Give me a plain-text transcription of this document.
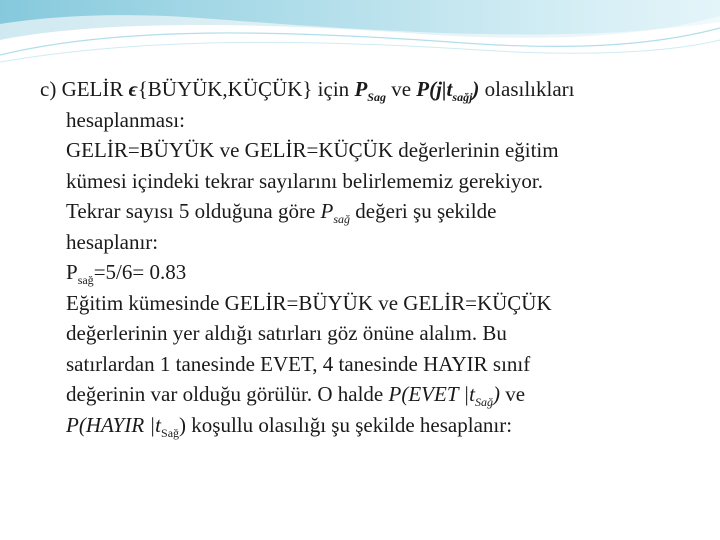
c) GELİR ϵ{BÜYÜK,KÜÇÜK} için $P_{Sag}$ ve $P(j|t_{sağj})$ olasılıkları
hesaplanması:
GELİR=BÜYÜK ve GELİR=KÜÇÜK değerlerinin eğitim
kümesi içindeki tekrar sayılarını belirlememiz gerekiyor.
Tekrar sayısı 5 olduğuna göre $P_{sağ}$ değeri şu şekilde
hesaplanır:
$P_{sağ}=5/6= 0.83$
Eğitim kümesinde GELİR=BÜYÜK ve GELİR=KÜÇÜK
değerlerinin yer aldığı satırları göz önüne alalım. Bu
satırlardan 1 tanesinde EVET, 4 tanesinde HAYIR sınıf
değerinin var olduğu görülür. O halde P(EVET $|t_{Sağ}$) ve
P(HAYIR $|t_{Sağ}$) koşullu olasılığı şu şekilde hesaplanır:
